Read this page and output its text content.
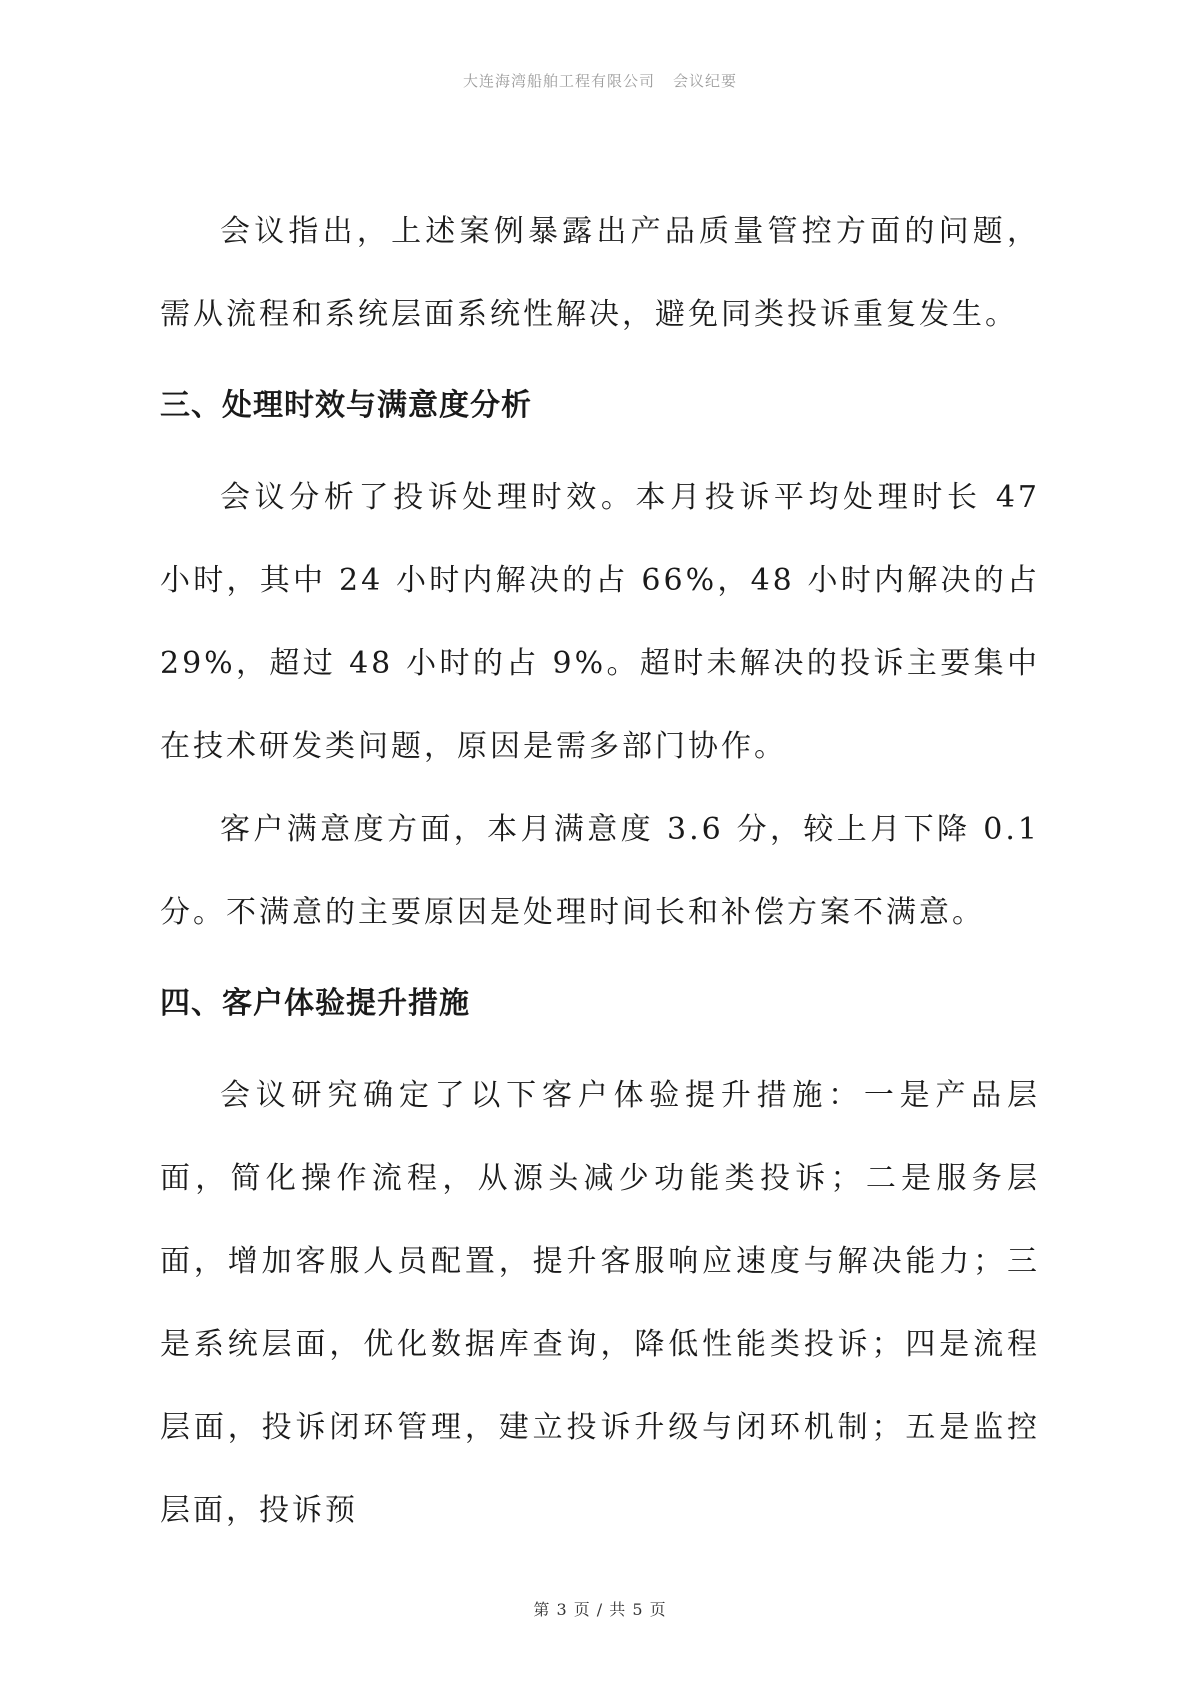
大连海湾船舶工程有限公司 会议纪要

会议指出，上述案例暴露出产品质量管控方面的问题，需从流程和系统层面系统性解决，避免同类投诉重复发生。

三、处理时效与满意度分析

会议分析了投诉处理时效。本月投诉平均处理时长 47 小时，其中 24 小时内解决的占 66%，48 小时内解决的占 29%，超过 48 小时的占 9%。超时未解决的投诉主要集中在技术研发类问题，原因是需多部门协作。

客户满意度方面，本月满意度 3.6 分，较上月下降 0.1 分。不满意的主要原因是处理时间长和补偿方案不满意。

四、客户体验提升措施

会议研究确定了以下客户体验提升措施：一是产品层面，简化操作流程，从源头减少功能类投诉；二是服务层面，增加客服人员配置，提升客服响应速度与解决能力；三是系统层面，优化数据库查询，降低性能类投诉；四是流程层面，投诉闭环管理，建立投诉升级与闭环机制；五是监控层面，投诉预

第 3 页 / 共 5 页
